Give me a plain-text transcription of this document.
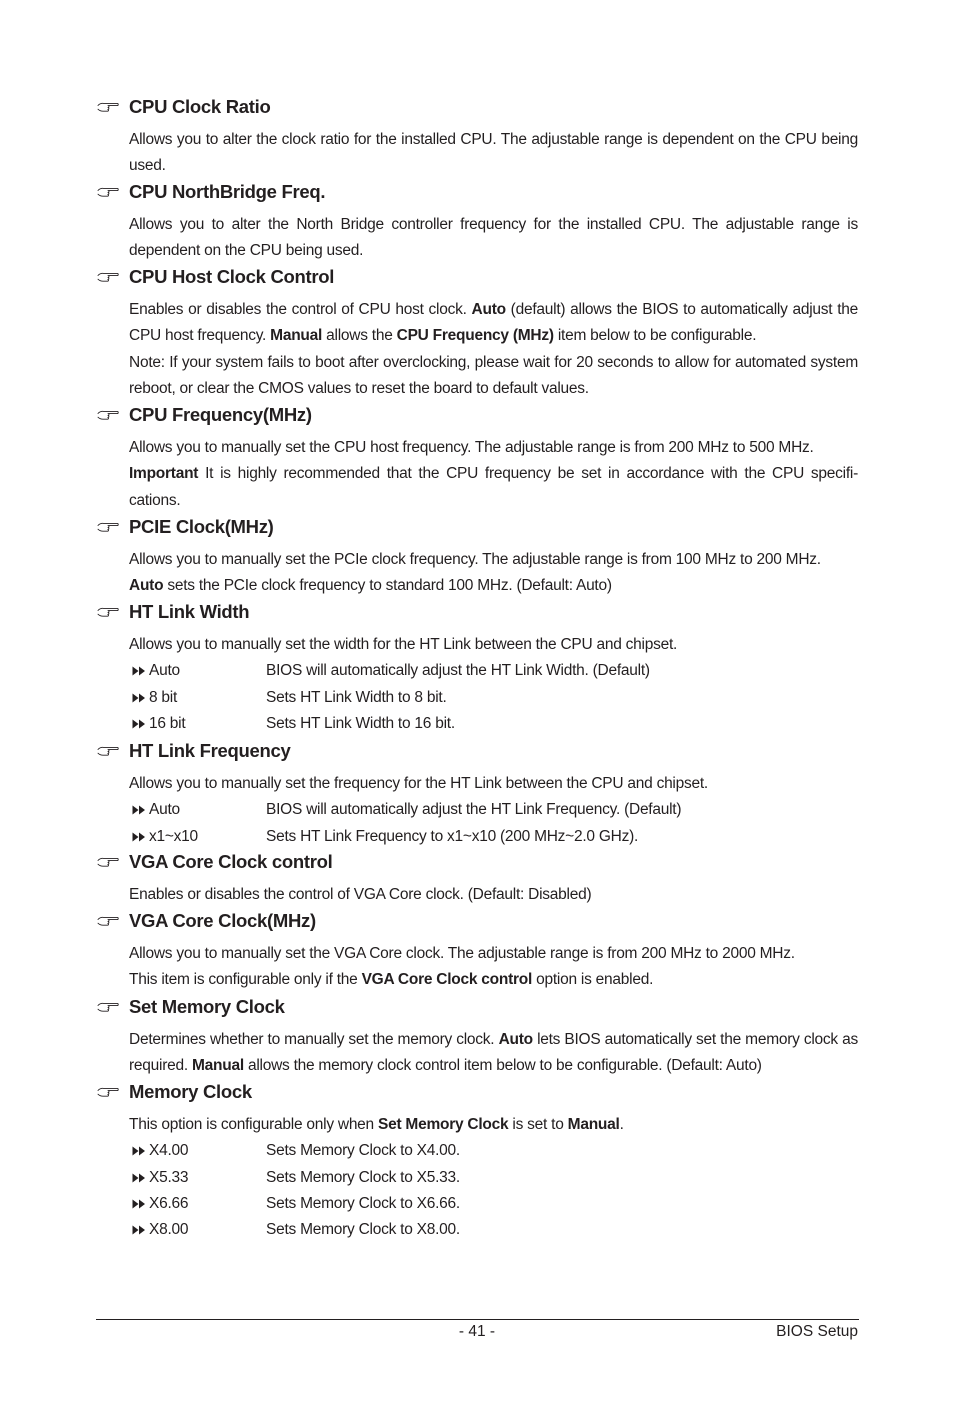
CPU Clock Ratio

Allows you to alter the clock ratio for the installed CPU. The adjustable range is dependent on the CPU being used.

CPU NorthBridge Freq.

Allows you to alter the North Bridge controller frequency for the installed CPU. The adjustable range is dependent on the CPU being used.

CPU Host Clock Control

Enables or disables the control of CPU host clock. Auto (default) allows the BIOS to automatically adjust the CPU host frequency. Manual allows the CPU Frequency (MHz) item below to be configurable.

Note: If your system fails to boot after overclocking, please wait for 20 seconds to allow for automated system reboot, or clear the CMOS values to reset the board to default values.

CPU Frequency(MHz)

Allows you to manually set the CPU host frequency. The adjustable range is from 200 MHz to 500 MHz.

Important It is highly recommended that the CPU frequency be set in accordance with the CPU specifi-cations.

PCIE Clock(MHz)

Allows you to manually set the PCIe clock frequency. The adjustable range is from 100 MHz to 200 MHz.

Auto sets the PCIe clock frequency to standard 100 MHz. (Default: Auto)

HT Link Width

Allows you to manually set the width for the HT Link between the CPU and chipset.

Auto	BIOS will automatically adjust the HT Link Width. (Default)
8 bit	Sets HT Link Width to 8 bit.
16 bit	Sets HT Link Width to 16 bit.
HT Link Frequency

Allows you to manually set the frequency for the HT Link between the CPU and chipset.

Auto	BIOS will automatically adjust the HT Link Frequency. (Default)
x1~x10	Sets HT Link Frequency to x1~x10 (200 MHz~2.0 GHz).
VGA Core Clock control

Enables or disables the control of VGA Core clock. (Default: Disabled)

VGA Core Clock(MHz)

Allows you to manually set the VGA Core clock. The adjustable range is from 200 MHz to 2000 MHz.

This item is configurable only if the VGA Core Clock control option is enabled.

Set Memory Clock

Determines whether to manually set the memory clock. Auto lets BIOS automatically set the memory clock as required. Manual allows the memory clock control item below to be configurable. (Default: Auto)

Memory Clock

This option is configurable only when Set Memory Clock is set to Manual.

X4.00	Sets Memory Clock to X4.00.
X5.33	Sets Memory Clock to X5.33.
X6.66	Sets Memory Clock to X6.66.
X8.00	Sets Memory Clock to X8.00.
- 41 -	BIOS Setup
